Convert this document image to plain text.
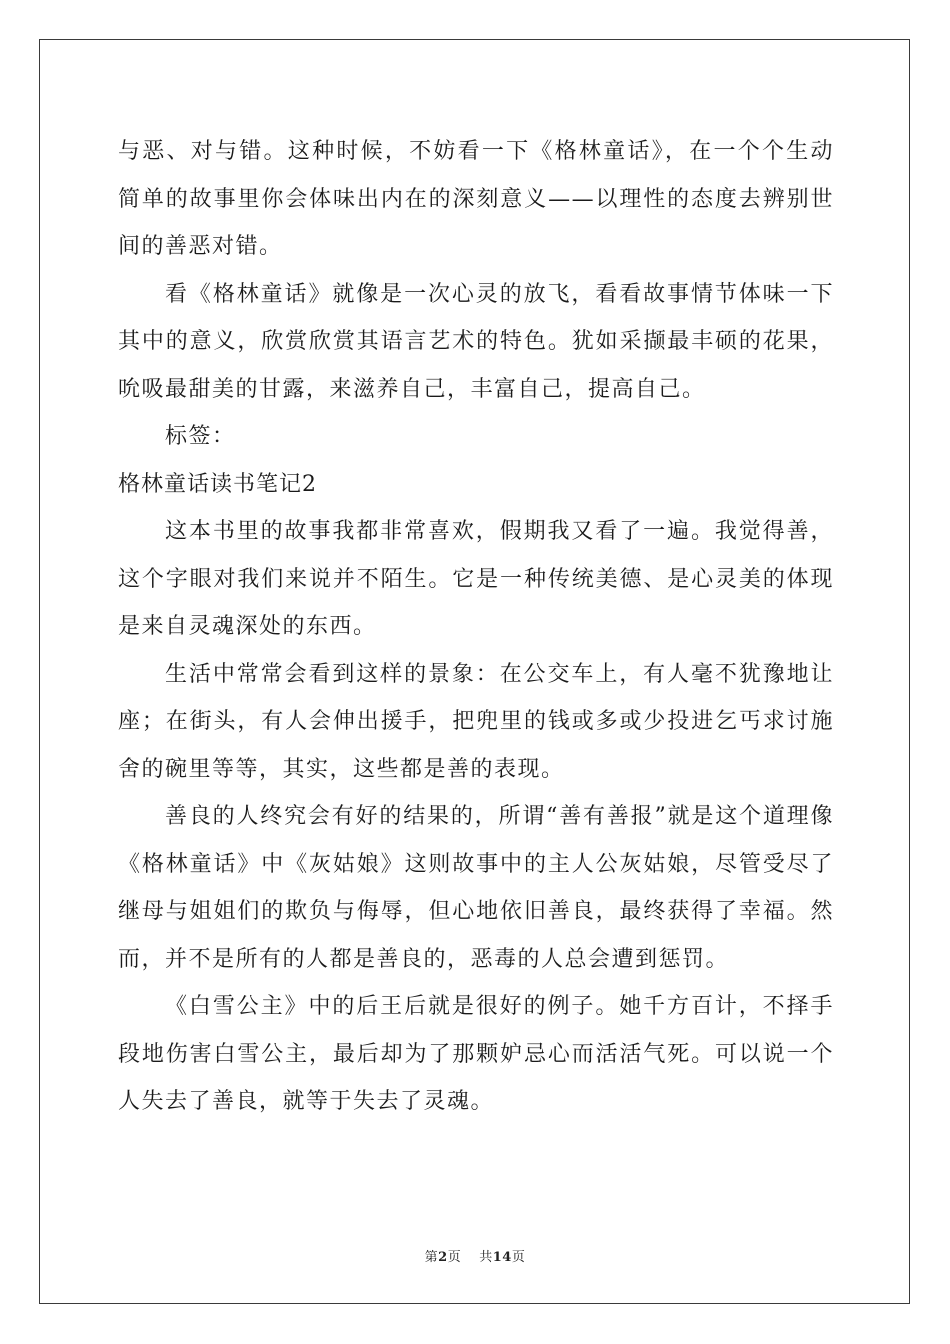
与恶、对与错。这种时候，不妨看一下《格林童话》，在一个个生动简单的故事里你会体味出内在的深刻意义——以理性的态度去辨别世间的善恶对错。

看《格林童话》就像是一次心灵的放飞，看看故事情节体味一下其中的意义，欣赏欣赏其语言艺术的特色。犹如采撷最丰硕的花果，吮吸最甜美的甘露，来滋养自己，丰富自己，提高自己。

标签：

格林童话读书笔记2

这本书里的故事我都非常喜欢，假期我又看了一遍。我觉得善，这个字眼对我们来说并不陌生。它是一种传统美德、是心灵美的体现是来自灵魂深处的东西。

生活中常常会看到这样的景象：在公交车上，有人毫不犹豫地让座；在街头，有人会伸出援手，把兜里的钱或多或少投进乞丐求讨施舍的碗里等等，其实，这些都是善的表现。

善良的人终究会有好的结果的，所谓“善有善报”就是这个道理像《格林童话》中《灰姑娘》这则故事中的主人公灰姑娘，尽管受尽了继母与姐姐们的欺负与侮辱，但心地依旧善良，最终获得了幸福。然而，并不是所有的人都是善良的，恶毒的人总会遭到惩罚。

《白雪公主》中的后王后就是很好的例子。她千方百计，不择手段地伤害白雪公主，最后却为了那颗妒忌心而活活气死。可以说一个人失去了善良，就等于失去了灵魂。

第2页 共14页
